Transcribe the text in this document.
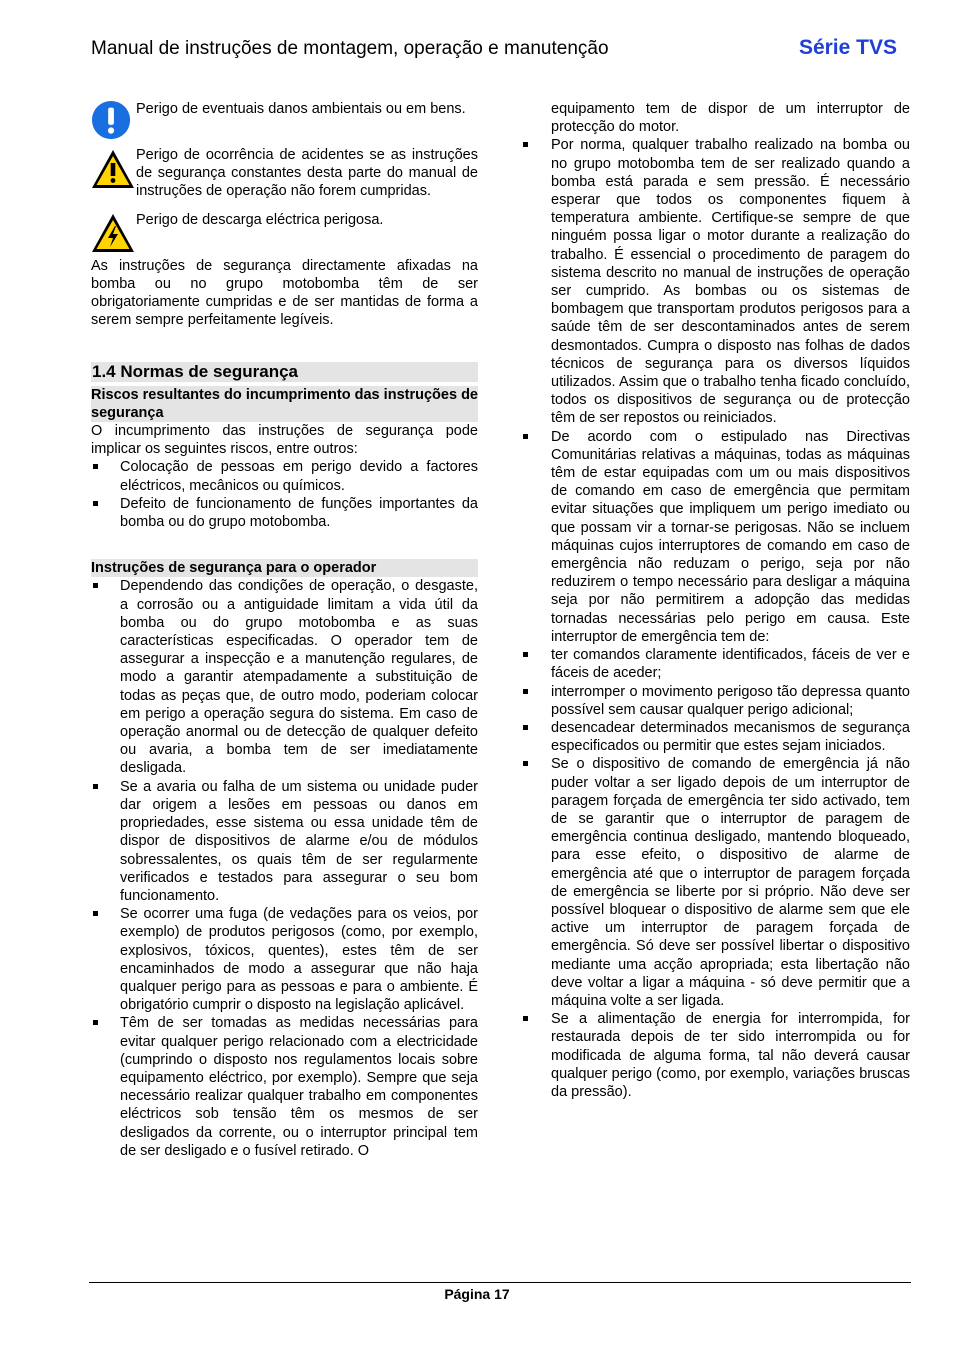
Manual de instruções de montagem, operação e manutenção	Série TVS

Perigo de eventuais danos ambientais ou em bens.

Perigo de ocorrência de acidentes se as instruções de segurança constantes desta parte do manual de instruções de operação não forem cumpridas.

Perigo de descarga eléctrica perigosa.

As instruções de segurança directamente afixadas na bomba ou no grupo motobomba têm de ser obrigatoriamente cumpridas e de ser mantidas de forma a serem sempre perfeitamente legíveis.

1.4 Normas de segurança
Riscos resultantes do incumprimento das instruções de segurança

O incumprimento das instruções de segurança pode implicar os seguintes riscos, entre outros:

Colocação de pessoas em perigo devido a factores eléctricos, mecânicos ou químicos.
Defeito de funcionamento de funções importantes da bomba ou do grupo motobomba.
Instruções de segurança para o operador
Dependendo das condições de operação, o desgaste, a corrosão ou a antiguidade limitam a vida útil da bomba ou do grupo motobomba e as suas características especificadas. O operador tem de assegurar a inspecção e a manutenção regulares, de modo a garantir atempadamente a substituição de todas as peças que, de outro modo, poderiam colocar em perigo a operação segura do sistema. Em caso de operação anormal ou de detecção de qualquer defeito ou avaria, a bomba tem de ser imediatamente desligada.
Se a avaria ou falha de um sistema ou unidade puder dar origem a lesões em pessoas ou danos em propriedades, esse sistema ou essa unidade têm de dispor de dispositivos de alarme e/ou de módulos sobressalentes, os quais têm de ser regularmente verificados e testados para assegurar o seu bom funcionamento.
Se ocorrer uma fuga (de vedações para os veios, por exemplo) de produtos perigosos (como, por exemplo, explosivos, tóxicos, quentes), estes têm de ser encaminhados de modo a assegurar que não haja qualquer perigo para as pessoas e para o ambiente. É obrigatório cumprir o disposto na legislação aplicável.
Têm de ser tomadas as medidas necessárias para evitar qualquer perigo relacionado com a electricidade (cumprindo o disposto nos regulamentos locais sobre equipamento eléctrico, por exemplo). Sempre que seja necessário realizar qualquer trabalho em componentes eléctricos sob tensão têm os mesmos de ser desligados da corrente, ou o interruptor principal tem de ser desligado e o fusível retirado. O

equipamento tem de dispor de um interruptor de protecção do motor.

Por norma, qualquer trabalho realizado na bomba ou no grupo motobomba tem de ser realizado quando a bomba está parada e sem pressão. É necessário esperar que todos os componentes fiquem à temperatura ambiente. Certifique-se sempre de que ninguém possa ligar o motor durante a realização do trabalho. É essencial o procedimento de paragem do sistema descrito no manual de instruções de operação ser cumprido. As bombas ou os sistemas de bombagem que transportam produtos perigosos para a saúde têm de ser descontaminados antes de serem desmontados. Cumpra o disposto nas folhas de dados técnicos de segurança para os diversos líquidos utilizados. Assim que o trabalho tenha ficado concluído, todos os dispositivos de segurança ou de protecção têm de ser repostos ou reiniciados.
De acordo com o estipulado nas Directivas Comunitárias relativas a máquinas, todas as máquinas têm de estar equipadas com um ou mais dispositivos de comando em caso de emergência que permitam evitar situações que impliquem um perigo imediato ou que possam vir a tornar-se perigosas. Não se incluem máquinas cujos interruptores de comando em caso de emergência não reduzam o perigo, seja por não reduzirem o tempo necessário para desligar a máquina seja por não permitirem a adopção das medidas tornadas necessárias pelo perigo em causa. Este interruptor de emergência tem de:
ter comandos claramente identificados, fáceis de ver e fáceis de aceder;
interromper o movimento perigoso tão depressa quanto possível sem causar qualquer perigo adicional;
desencadear determinados mecanismos de segurança especificados ou permitir que estes sejam iniciados.
Se o dispositivo de comando de emergência já não puder voltar a ser ligado depois de um interruptor de paragem forçada de emergência ter sido activado, tem de se garantir que o interruptor de paragem de emergência continua desligado, mantendo bloqueado, para esse efeito, o dispositivo de alarme de emergência até que o interruptor de paragem forçada de emergência se liberte por si próprio. Não deve ser possível bloquear o dispositivo de alarme sem que ele active um interruptor de paragem forçada de emergência. Só deve ser possível libertar o dispositivo mediante uma acção apropriada; esta libertação não deve voltar a ligar a máquina - só deve permitir que a máquina volte a ser ligada.
Se a alimentação de energia for interrompida, for restaurada depois de ter sido interrompida ou for modificada de alguma forma, tal não deverá causar qualquer perigo (como, por exemplo, variações bruscas da pressão).
Página 17
